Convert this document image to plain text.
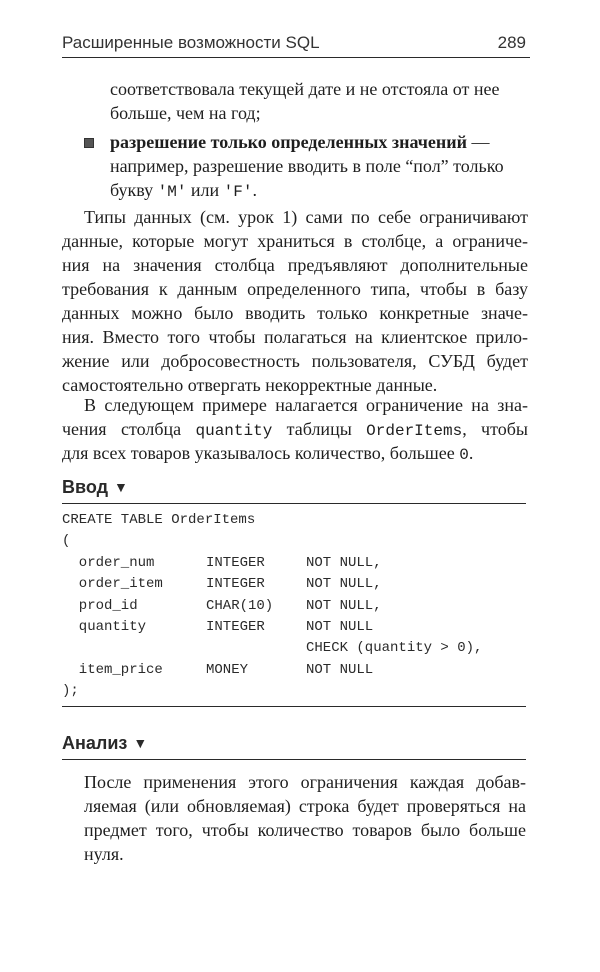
Расширенные возможности SQL	289
соответствовала текущей дате и не отстояла от нее
больше, чем на год;
разрешение только определенных значений —
например, разрешение вводить в поле “пол” только
букву 'M' или 'F'.
Типы данных (см. урок 1) сами по себе ограничивают
данные, которые могут храниться в столбце, а ограниче-
ния на значения столбца предъявляют дополнительные
требования к данным определенного типа, чтобы в базу
данных можно было вводить только конкретные значе-
ния. Вместо того чтобы полагаться на клиентское прило-
жение или добросовестность пользователя, СУБД будет
самостоятельно отвергать некорректные данные.
В следующем примере налагается ограничение на зна-
чения столбца quantity таблицы OrderItems, чтобы
для всех товаров указывалось количество, большее 0.
Ввод ▼
CREATE TABLE OrderItems
(
order_num	INTEGER	NOT NULL,
order_item	INTEGER	NOT NULL,
prod_id	CHAR(10) NOT NULL,
quantity	INTEGER	NOT NULL
CHECK (quantity > 0),
item_price	MONEY	NOT NULL
);
Анализ ▼
После применения этого ограничения каждая добав-
ляемая (или обновляемая) строка будет проверяться на
предмет того, чтобы количество товаров было больше
нуля.
